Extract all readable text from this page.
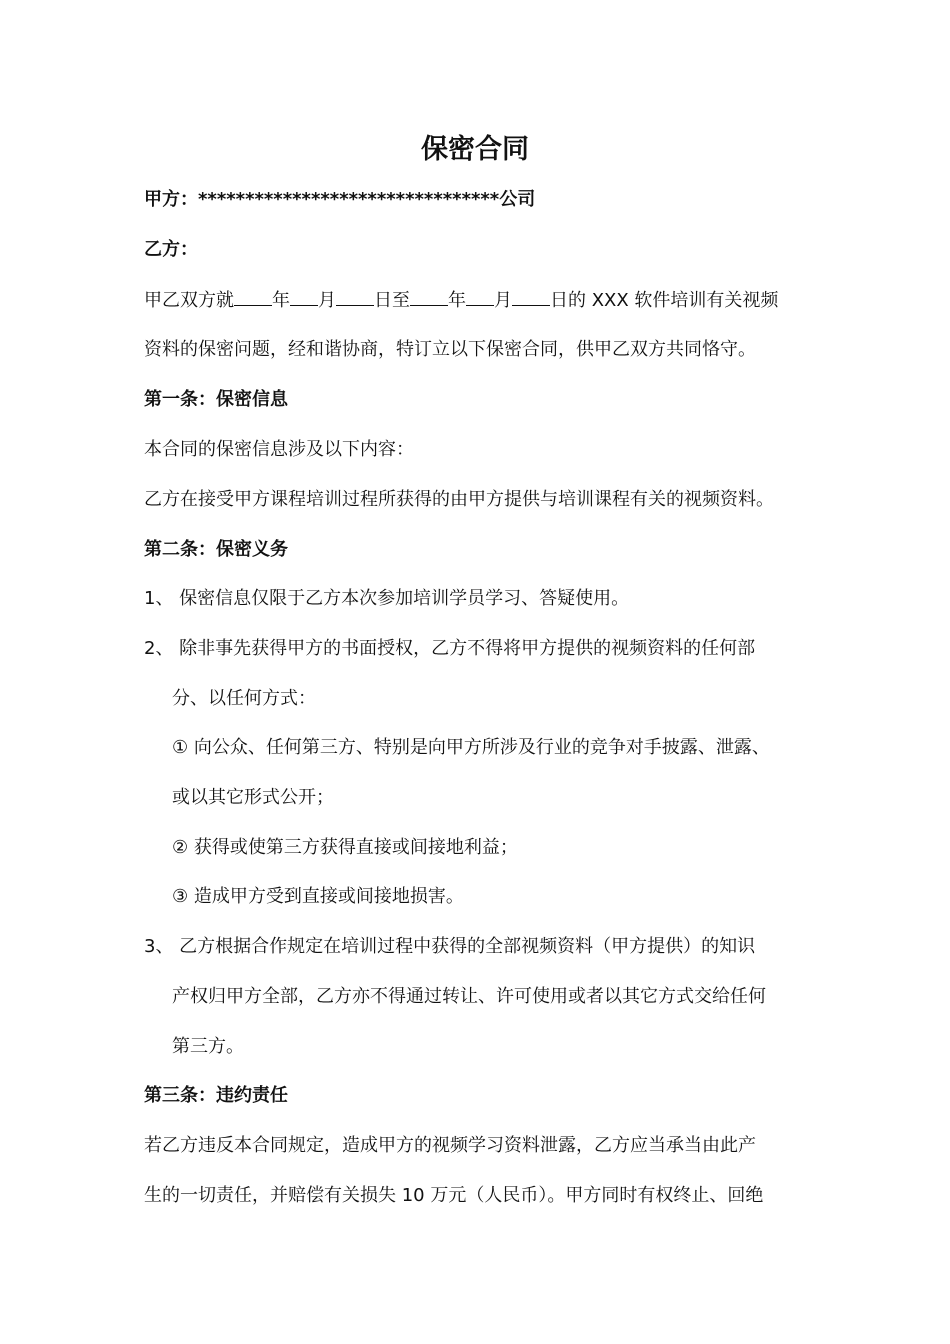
保密合同
甲方：********************************公司
乙方：
甲乙双方就 年 月 日至 年 月 日的 XXX 软件培训有关视频
资料的保密问题，经和谐协商，特订立以下保密合同，供甲乙双方共同恪守。
第一条：保密信息
本合同的保密信息涉及以下内容：
乙方在接受甲方课程培训过程所获得的由甲方提供与培训课程有关的视频资料。
第二条：保密义务
1、 保密信息仅限于乙方本次参加培训学员学习、答疑使用。
2、 除非事先获得甲方的书面授权，乙方不得将甲方提供的视频资料的任何部
分、以任何方式：
① 向公众、任何第三方、特别是向甲方所涉及行业的竞争对手披露、泄露、
或以其它形式公开；
② 获得或使第三方获得直接或间接地利益；
③ 造成甲方受到直接或间接地损害。
3、 乙方根据合作规定在培训过程中获得的全部视频资料（甲方提供）的知识
产权归甲方全部，乙方亦不得通过转让、许可使用或者以其它方式交给任何
第三方。
第三条：违约责任
若乙方违反本合同规定，造成甲方的视频学习资料泄露，乙方应当承当由此产
生的一切责任，并赔偿有关损失 10 万元（人民币）。甲方同时有权终止、回绝
